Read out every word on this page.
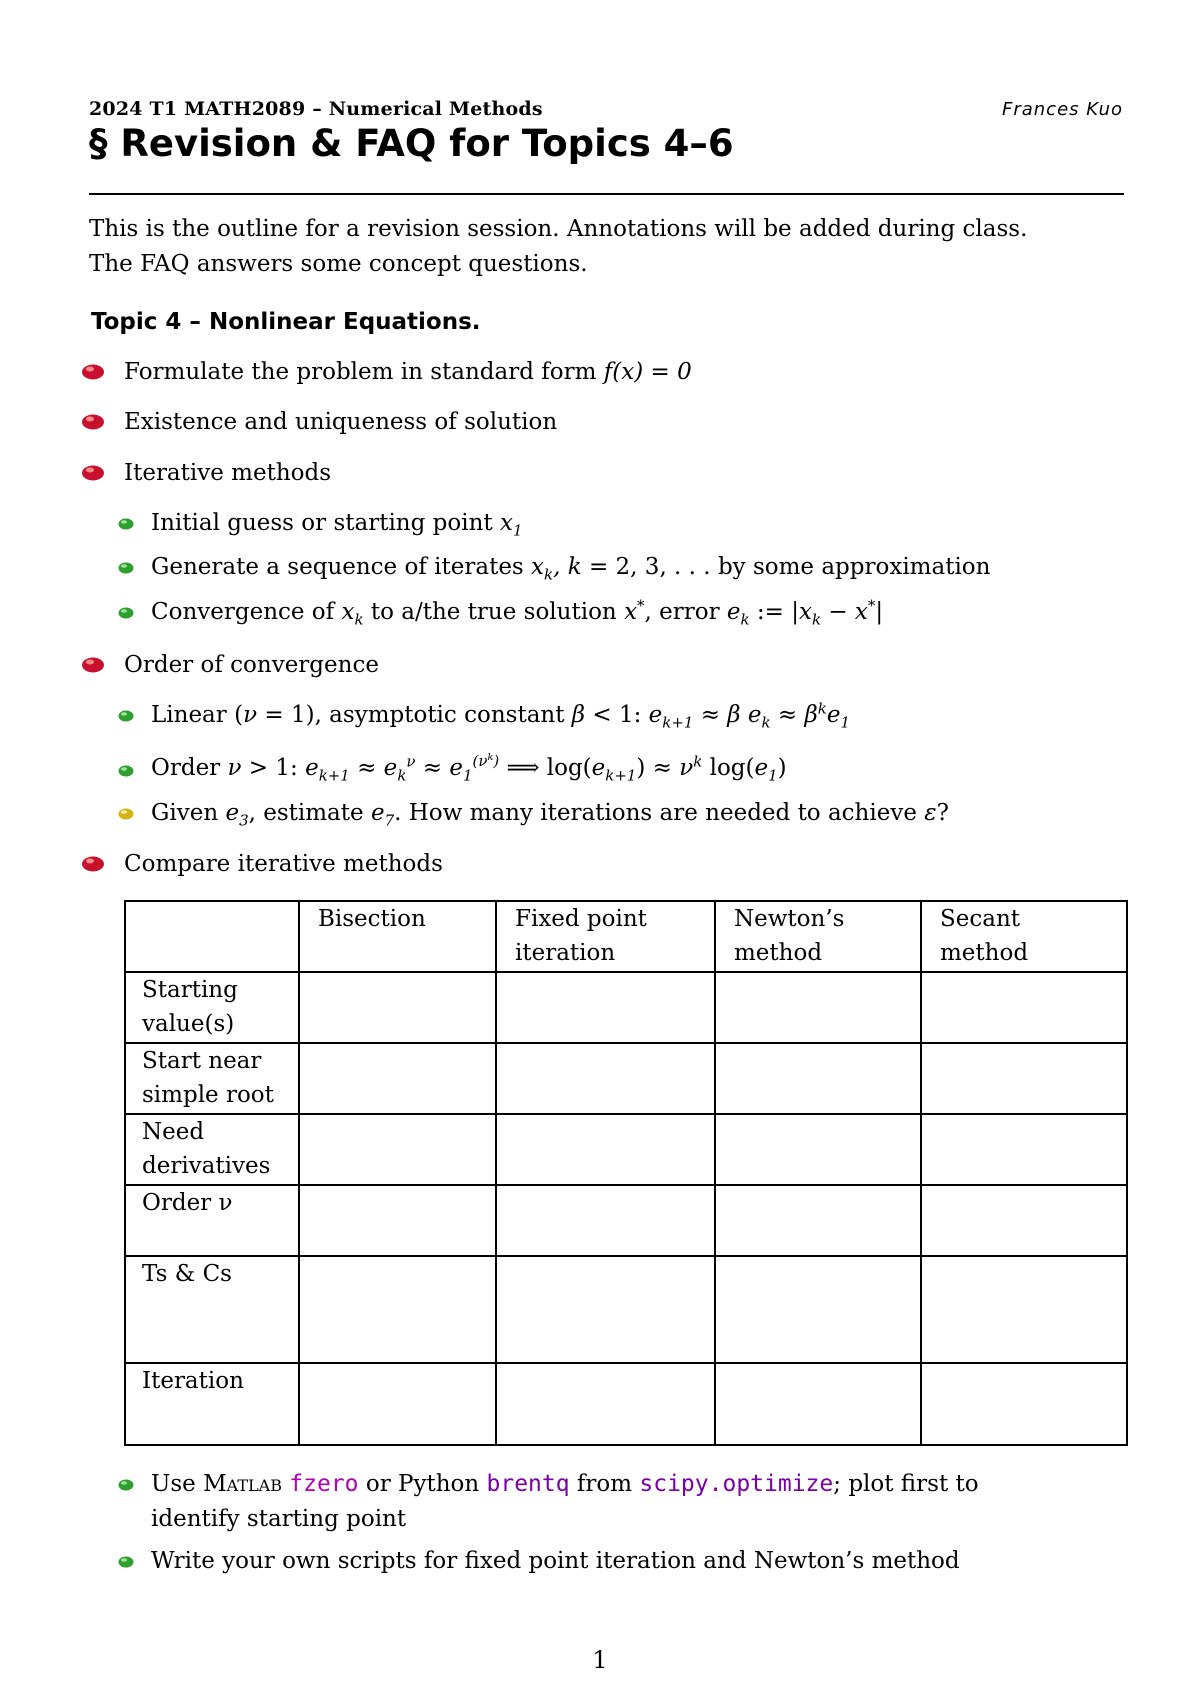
2024 T1 MATH2089 – Numerical Methods	Frances Kuo
§ Revision & FAQ for Topics 4–6
This is the outline for a revision session. Annotations will be added during class.
The FAQ answers some concept questions.
Topic 4 – Nonlinear Equations.
Formulate the problem in standard form f(x) = 0
Existence and uniqueness of solution
Iterative methods
Initial guess or starting point $x_1$
Generate a sequence of iterates $x_k$, k = 2, 3, . . . by some approximation
Convergence of $x_k$ to a/the true solution x*, error $e_k$ := $|x_k - x^*|$
Order of convergence
Linear (ν = 1), asymptotic constant β < 1: $e_{k+1} \approx \beta$ $e_k \approx \beta^ke_1$
Order ν > 1: $e_{k+1} \approx e_k^\nu \approx e_1^{(\nu^k)}$ ⟹ $\log(e_{k+1}) \approx \nu^k$ $\log(e_1)$
Given $e_3$, estimate $e_7$. How many iterations are needed to achieve ε?
Compare iterative methods
	Bisection	Fixed point iteration	Newton’s method	Secant method
Starting value(s)				
Start near simple root				
Need derivatives				
Order ν				
Ts & Cs				
Iteration				
Use Matlab fzero or Python brentq from scipy.optimize; plot first to
identify starting point
Write your own scripts for fixed point iteration and Newton’s method
1
